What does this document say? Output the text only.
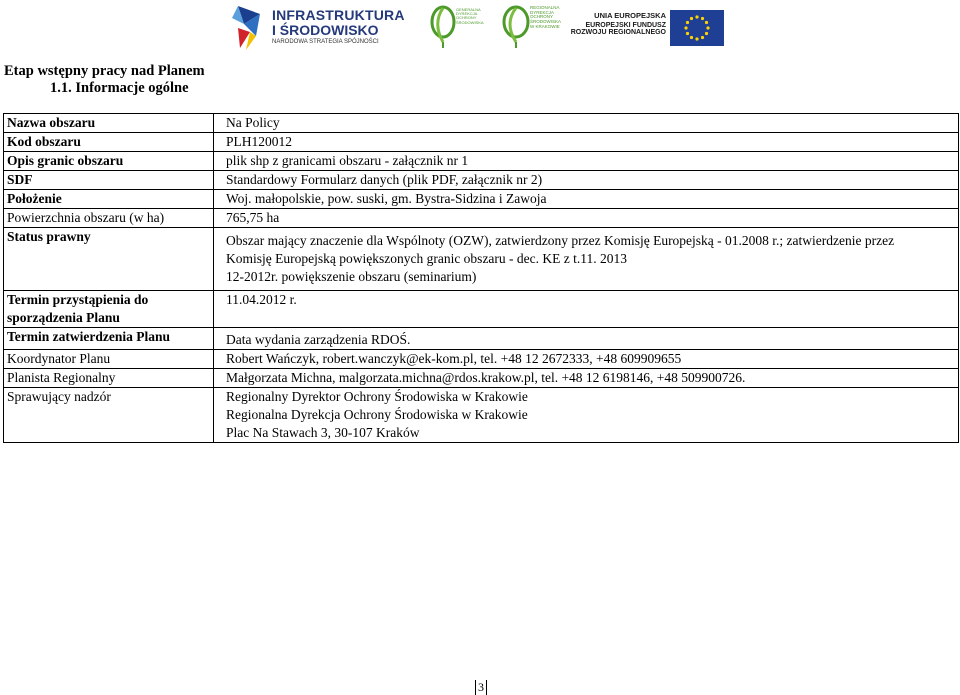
INFRASTRUKTURA
I ŚRODOWISKO
NARODOWA STRATEGIA SPÓJNOŚCI
GENERALNA DYREKCJA OCHRONY ŚRODOWISKA
REGIONALNA DYREKCJA OCHRONY ŚRODOWISKA W KRAKOWIE
UNIA EUROPEJSKA
EUROPEJSKI FUNDUSZ
ROZWOJU REGIONALNEGO
Etap wstępny pracy nad Planem
1.1. Informacje ogólne
Nazwa obszaru	Na Policy
Kod obszaru	PLH120012
Opis granic obszaru	plik shp z granicami obszaru - załącznik nr 1
SDF	Standardowy Formularz danych (plik PDF, załącznik nr 2)
Położenie	Woj. małopolskie, pow. suski, gm. Bystra-Sidzina i Zawoja
Powierzchnia obszaru (w ha)	765,75 ha
Status prawny	Obszar mający znaczenie dla Wspólnoty (OZW), zatwierdzony przez Komisję Europejską - 01.2008 r.; zatwierdzenie przez
Komisję Europejską powiększonych granic obszaru - dec. KE z t.11. 2013
12-2012r. powiększenie obszaru (seminarium)

Termin przystąpienia do
sporządzenia Planu	11.04.2012 r.
Termin zatwierdzenia Planu	Data wydania zarządzenia RDOŚ.
Koordynator Planu	Robert Wańczyk, robert.wanczyk@ek-kom.pl, tel. +48 12 2672333, +48 609909655
Planista Regionalny	Małgorzata Michna, malgorzata.michna@rdos.krakow.pl, tel. +48 12 6198146, +48 509900726.
Sprawujący nadzór	Regionalny Dyrektor Ochrony Środowiska w Krakowie
Regionalna Dyrekcja Ochrony Środowiska w Krakowie
Plac Na Stawach 3, 30-107 Kraków
3
